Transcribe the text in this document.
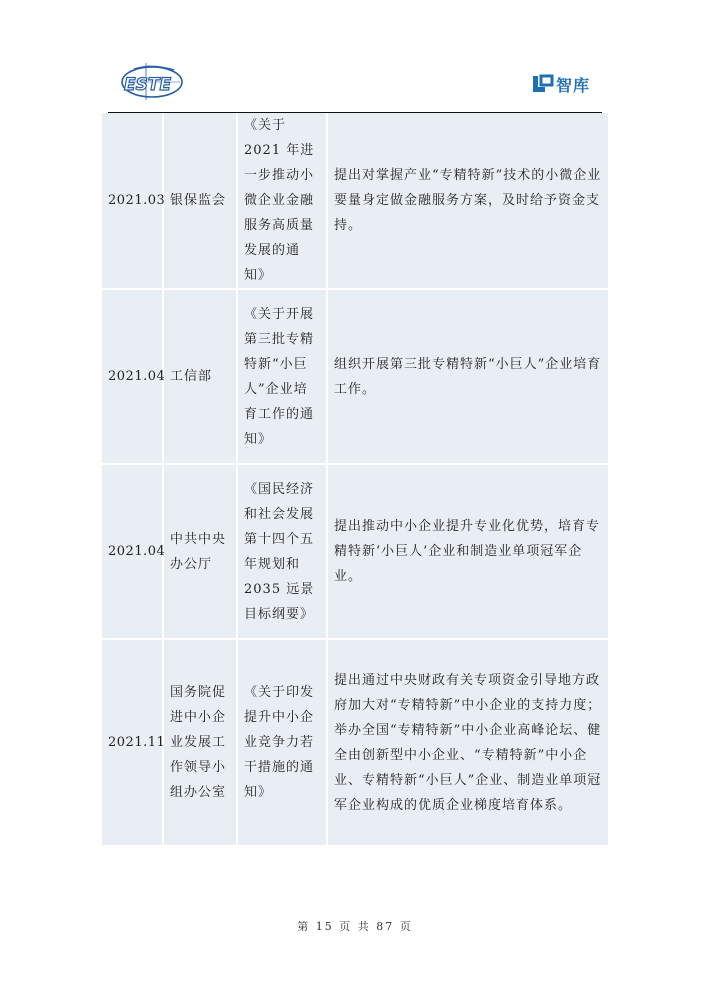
ESTE	智库
2021.03	银保监会	《关于 2021 年进一步推动小微企业金融服务高质量发展的通知》	提出对掌握产业“专精特新”技术的小微企业要量身定做金融服务方案，及时给予资金支持。
2021.04	工信部	《关于开展第三批专精特新“小巨人”企业培育工作的通知》	组织开展第三批专精特新“小巨人”企业培育工作。
2021.04	中共中央办公厅	《国民经济和社会发展第十四个五年规划和 2035 远景目标纲要》	提出推动中小企业提升专业化优势，培育专精特新‘小巨人’企业和制造业单项冠军企业。
2021.11	国务院促进中小企业发展工作领导小组办公室	《关于印发提升中小企业竞争力若干措施的通知》	提出通过中央财政有关专项资金引导地方政府加大对“专精特新”中小企业的支持力度；举办全国“专精特新”中小企业高峰论坛、健全由创新型中小企业、“专精特新”中小企业、专精特新“小巨人”企业、制造业单项冠军企业构成的优质企业梯度培育体系。
第 15 页 共 87 页
